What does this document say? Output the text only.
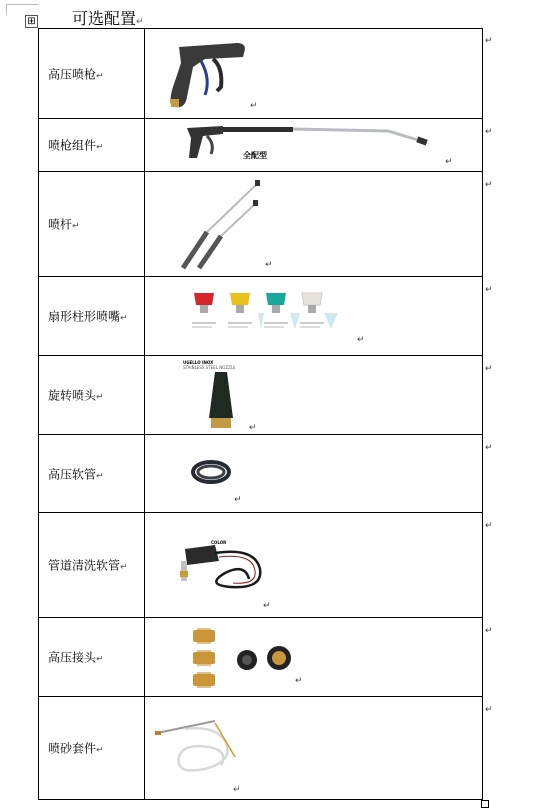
⊞ 可选配置↵
高压喷枪↵
↵
喷枪组件↵
全配型
↵
喷杆↵
↵
扇形柱形喷嘴↵
↵
旋转喷头↵
UGELLO INOX
STAINLESS STEEL NOZZLE
↵
高压软管↵
↵
管道清洗软管↵
COLOR
↵
高压接头↵
↵
喷砂套件↵
↵
↵
↵
↵
↵
↵
↵
↵
↵
↵
